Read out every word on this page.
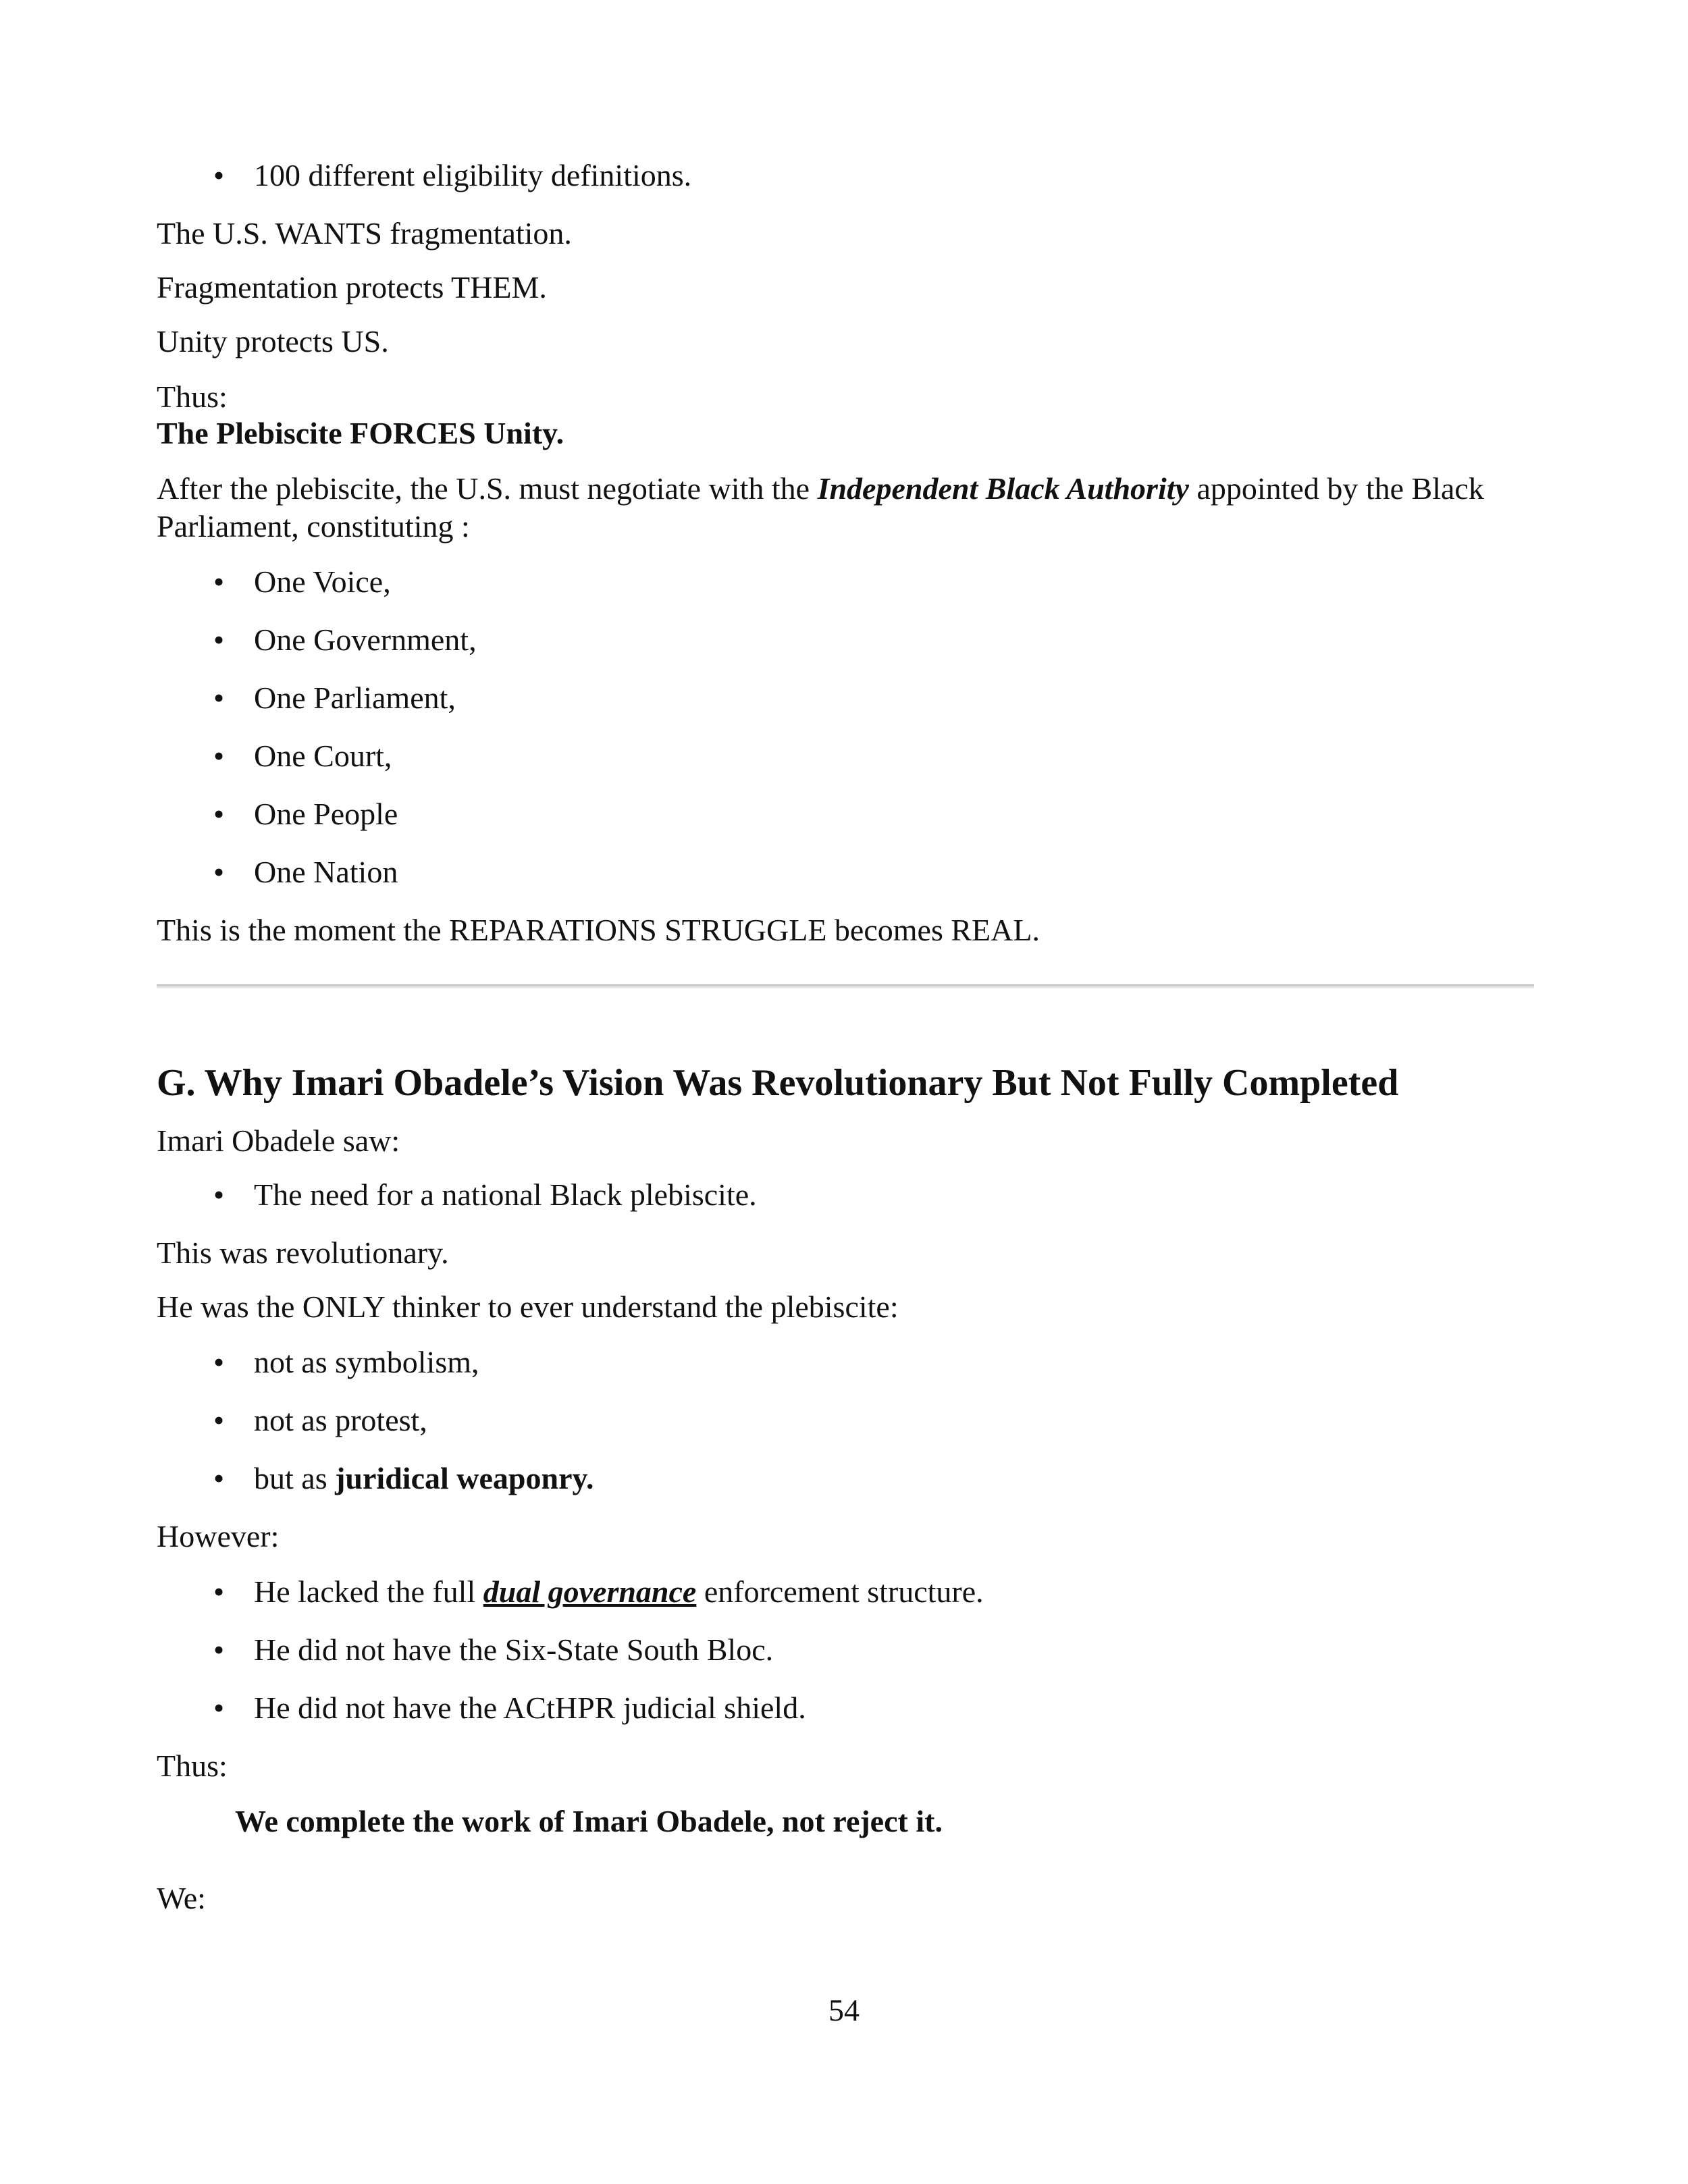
• 100 different eligibility definitions.
The U.S. WANTS fragmentation.
Fragmentation protects THEM.
Unity protects US.
Thus:
The Plebiscite FORCES Unity.
After the plebiscite, the U.S. must negotiate with the Independent Black Authority appointed by the Black Parliament, constituting :
• One Voice,
• One Government,
• One Parliament,
• One Court,
• One People
• One Nation
This is the moment the REPARATIONS STRUGGLE becomes REAL.
G. Why Imari Obadele’s Vision Was Revolutionary But Not Fully Completed
Imari Obadele saw:
• The need for a national Black plebiscite.
This was revolutionary.
He was the ONLY thinker to ever understand the plebiscite:
• not as symbolism,
• not as protest,
• but as juridical weaponry.
However:
• He lacked the full dual governance enforcement structure.
• He did not have the Six-State South Bloc.
• He did not have the ACtHPR judicial shield.
Thus:
We complete the work of Imari Obadele, not reject it.
We:
54
